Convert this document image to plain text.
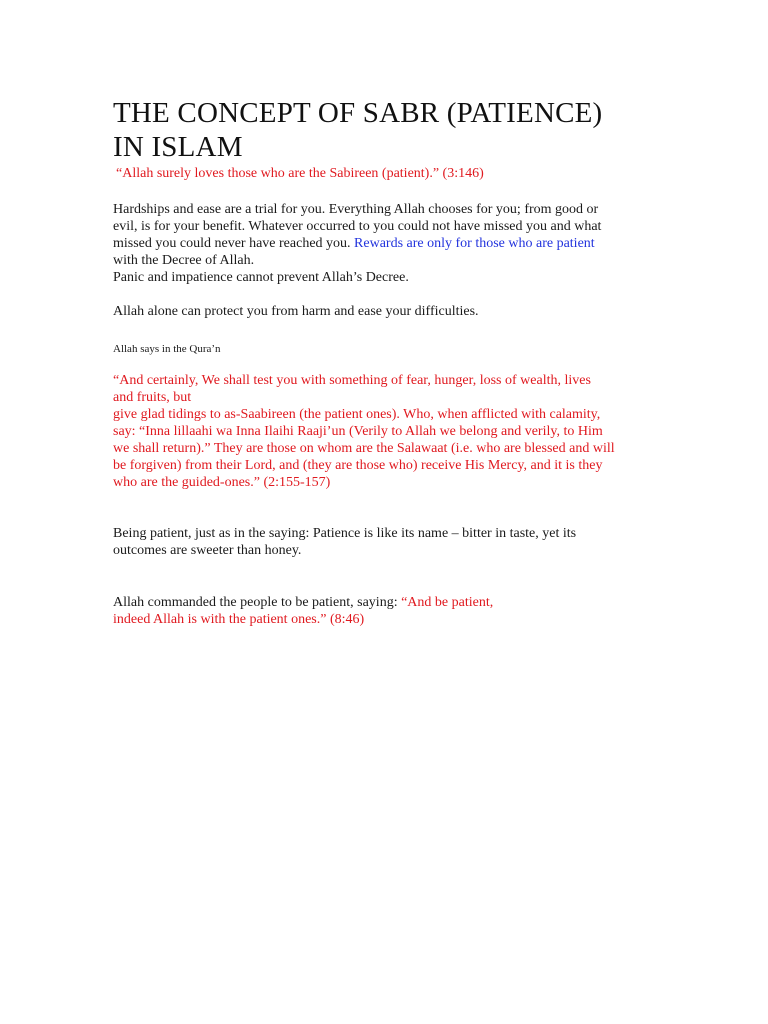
THE CONCEPT OF SABR (PATIENCE)
IN ISLAM

“Allah surely loves those who are the Sabireen (patient).” (3:146)

Hardships and ease are a trial for you. Everything Allah chooses for you; from good or
evil, is for your benefit. Whatever occurred to you could not have missed you and what
missed you could never have reached you. Rewards are only for those who are patient
with the Decree of Allah.

Panic and impatience cannot prevent Allah’s Decree.

Allah alone can protect you from harm and ease your difficulties.

Allah says in the Qura’n

“And certainly, We shall test you with something of fear, hunger, loss of wealth, lives
and fruits, but
give glad tidings to as-Saabireen (the patient ones). Who, when afflicted with calamity,
say: “Inna lillaahi wa Inna Ilaihi Raaji’un (Verily to Allah we belong and verily, to Him
we shall return).” They are those on whom are the Salawaat (i.e. who are blessed and will
be forgiven) from their Lord, and (they are those who) receive His Mercy, and it is they
who are the guided-ones.” (2:155-157)
Being patient, just as in the saying: Patience is like its name – bitter in taste, yet its
outcomes are sweeter than honey.
Allah commanded the people to be patient, saying: “And be patient,
indeed Allah is with the patient ones.” (8:46)
